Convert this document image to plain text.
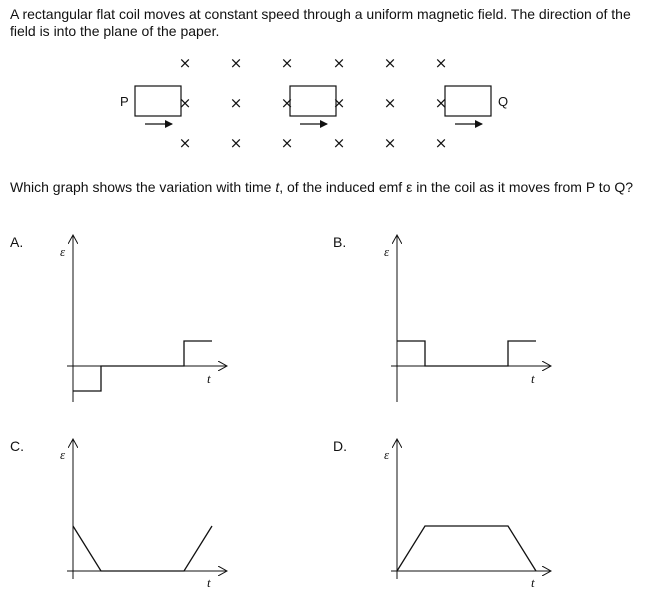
A rectangular flat coil moves at constant speed through a uniform magnetic field. The direction of the field is into the plane of the paper.
Which graph shows the variation with time t, of the induced emf ε in the coil as it moves from P to Q?
A.	B.
C.	D.
×	×	×	×	×	×
×	×	×	×	×	×
×	×	×	×	×	×
P	Q
ε
t
ε
t
ε
t
ε
t
